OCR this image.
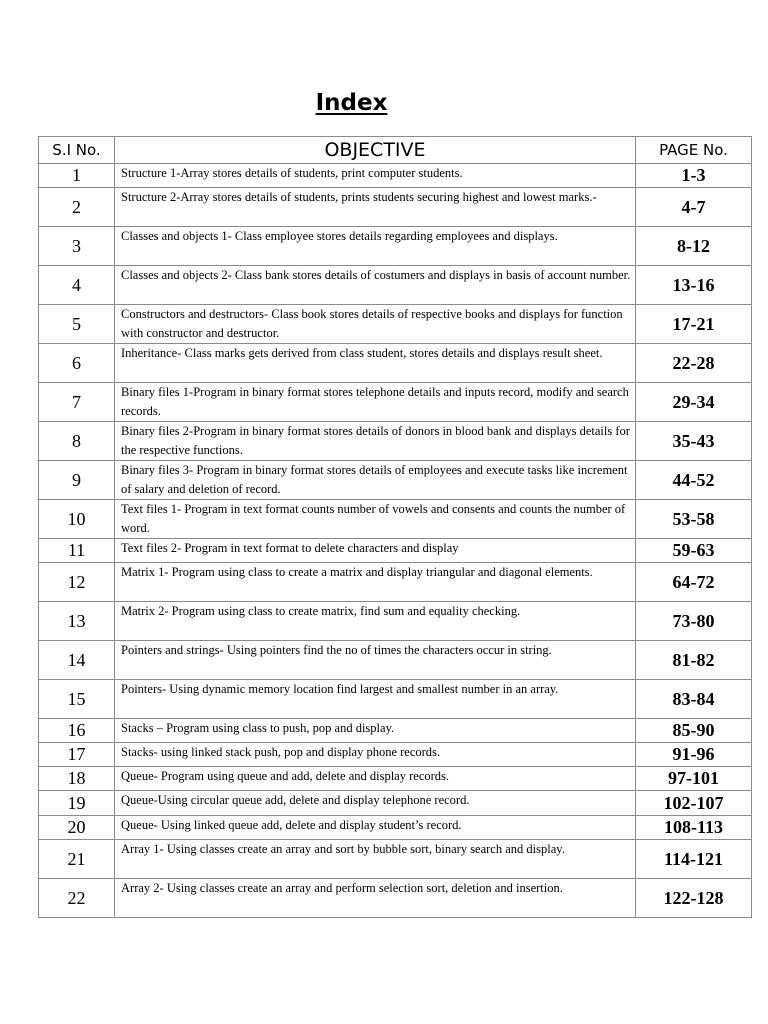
Index
S.I No.	OBJECTIVE	PAGE No.
1	Structure 1-Array stores details of students, print computer students.	1-3
2	Structure 2-Array stores details of students, prints students securing highest and lowest marks.-	4-7
3	Classes and objects 1- Class employee stores details regarding employees and displays.	8-12
4	Classes and objects 2- Class bank stores details of costumers and displays in basis of account number.	13-16
5	Constructors and destructors- Class book stores details of respective books and displays for function with constructor and destructor.	17-21
6	Inheritance- Class marks gets derived from class student, stores details and displays result sheet.	22-28
7	Binary files 1-Program in binary format stores telephone details and inputs record, modify and search records.	29-34
8	Binary files 2-Program in binary format stores details of donors in blood bank and displays details for the respective functions.	35-43
9	Binary files 3- Program in binary format stores details of employees and execute tasks like increment of salary and deletion of record.	44-52
10	Text files 1- Program in text format counts number of vowels and consents and counts the number of word.	53-58
11	Text files 2- Program in text format to delete characters and display	59-63
12	Matrix 1- Program using class to create a matrix and display triangular and diagonal elements.	64-72
13	Matrix 2- Program using class to create matrix, find sum and equality checking.	73-80
14	Pointers and strings- Using pointers find the no of times the characters occur in string.	81-82
15	Pointers- Using dynamic memory location find largest and smallest number in an array.	83-84
16	Stacks – Program using class to push, pop and display.	85-90
17	Stacks- using linked stack push, pop and display phone records.	91-96
18	Queue- Program using queue and add, delete and display records.	97-101
19	Queue-Using circular queue add, delete and display telephone record.	102-107
20	Queue- Using linked queue add, delete and display student’s record.	108-113
21	Array 1- Using classes create an array and sort by bubble sort, binary search and display.	114-121
22	Array 2- Using classes create an array and perform selection sort, deletion and insertion.	122-128
